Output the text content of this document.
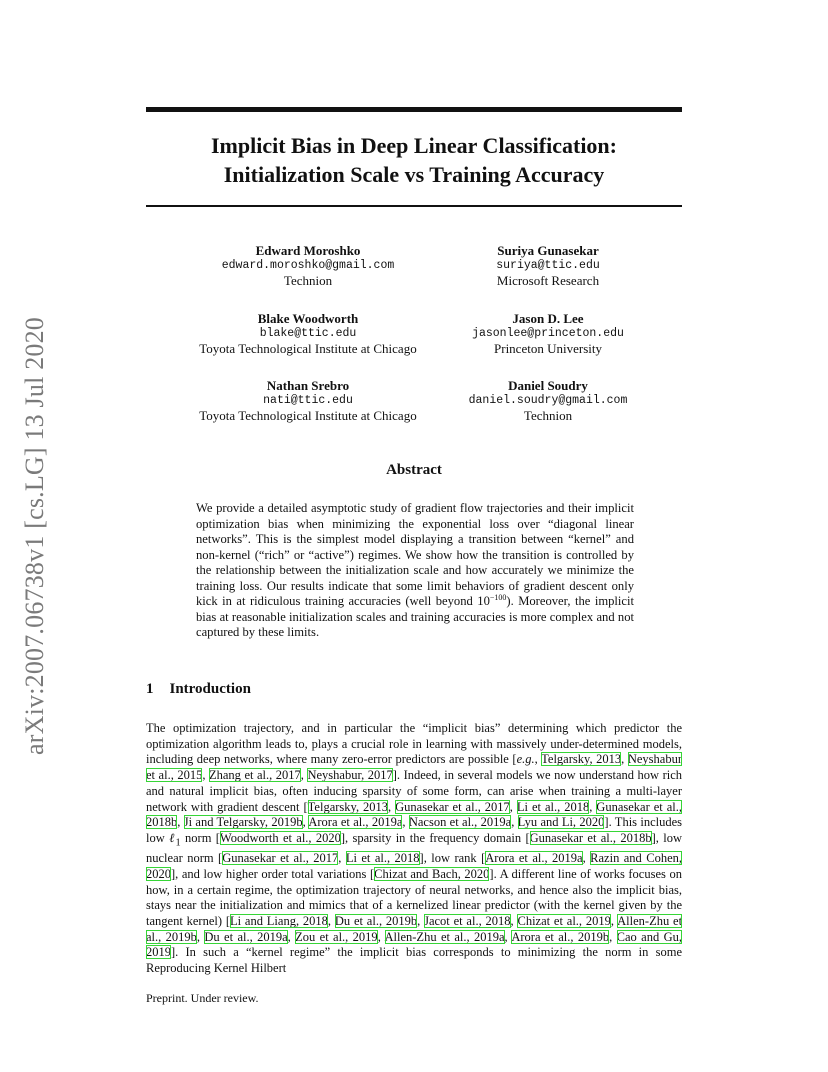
arXiv:2007.06738v1 [cs.LG] 13 Jul 2020
Implicit Bias in Deep Linear Classification:
Initialization Scale vs Training Accuracy
Edward Moroshko
edward.moroshko@gmail.com
Technion
Suriya Gunasekar
suriya@ttic.edu
Microsoft Research
Blake Woodworth
blake@ttic.edu
Toyota Technological Institute at Chicago
Jason D. Lee
jasonlee@princeton.edu
Princeton University
Nathan Srebro
nati@ttic.edu
Toyota Technological Institute at Chicago
Daniel Soudry
daniel.soudry@gmail.com
Technion
Abstract
We provide a detailed asymptotic study of gradient flow trajectories and their implicit optimization bias when minimizing the exponential loss over “diagonal linear networks”. This is the simplest model displaying a transition between “kernel” and non-kernel (“rich” or “active”) regimes. We show how the transition is controlled by the relationship between the initialization scale and how accurately we minimize the training loss. Our results indicate that some limit behaviors of gradient descent only kick in at ridiculous training accuracies (well beyond $10^{-100}$). Moreover, the implicit bias at reasonable initialization scales and training accuracies is more complex and not captured by these limits.
1 Introduction
The optimization trajectory, and in particular the “implicit bias” determining which predictor the optimization algorithm leads to, plays a crucial role in learning with massively under-determined models, including deep networks, where many zero-error predictors are possible [e.g., Telgarsky, 2013, Neyshabur et al., 2015, Zhang et al., 2017, Neyshabur, 2017]. Indeed, in several models we now understand how rich and natural implicit bias, often inducing sparsity of some form, can arise when training a multi-layer network with gradient descent [Telgarsky, 2013, Gunasekar et al., 2017, Li et al., 2018, Gunasekar et al., 2018b, Ji and Telgarsky, 2019b, Arora et al., 2019a, Nacson et al., 2019a, Lyu and Li, 2020]. This includes low ℓ$_1$ norm [Woodworth et al., 2020], sparsity in the frequency domain [Gunasekar et al., 2018b], low nuclear norm [Gunasekar et al., 2017, Li et al., 2018], low rank [Arora et al., 2019a, Razin and Cohen, 2020], and low higher order total variations [Chizat and Bach, 2020]. A different line of works focuses on how, in a certain regime, the optimization trajectory of neural networks, and hence also the implicit bias, stays near the initialization and mimics that of a kernelized linear predictor (with the kernel given by the tangent kernel) [Li and Liang, 2018, Du et al., 2019b, Jacot et al., 2018, Chizat et al., 2019, Allen-Zhu et al., 2019b, Du et al., 2019a, Zou et al., 2019, Allen-Zhu et al., 2019a, Arora et al., 2019b, Cao and Gu, 2019]. In such a “kernel regime” the implicit bias corresponds to minimizing the norm in some Reproducing Kernel Hilbert
Preprint. Under review.
